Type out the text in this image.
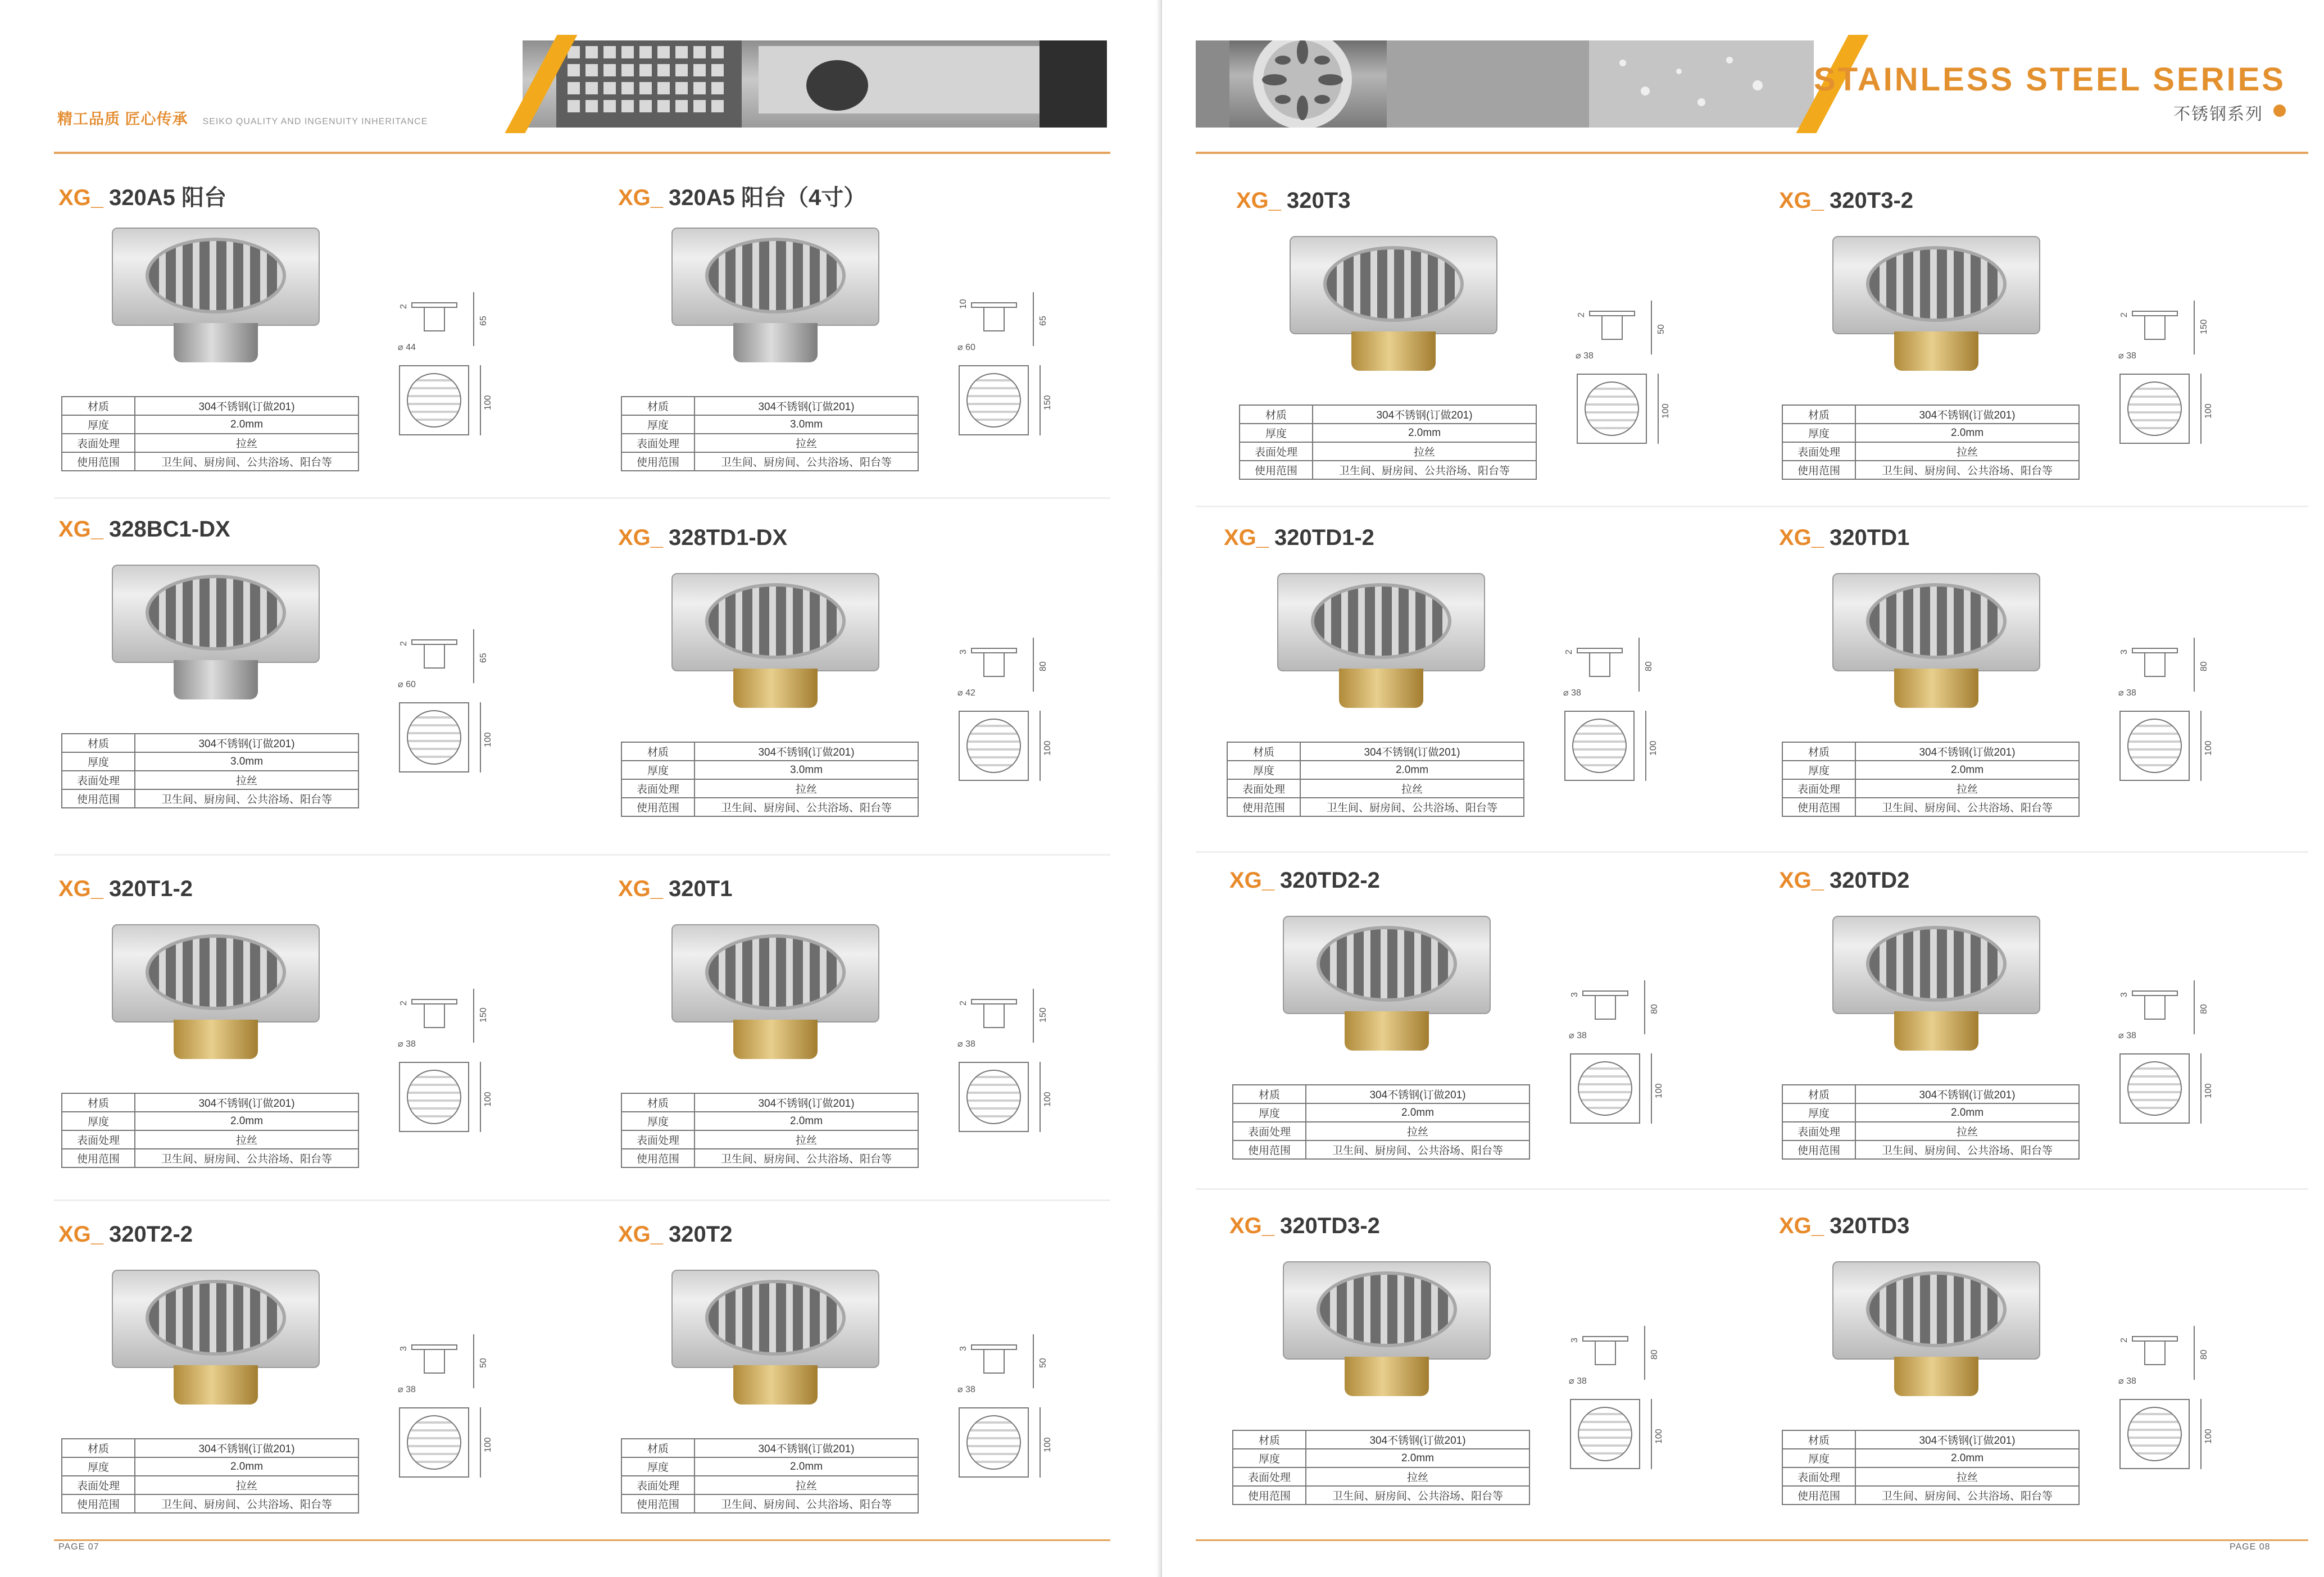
精工品质 匠心传承 SEIKO QUALITY AND INGENUITY INHERITANCE
PAGE 07
STAINLESS STEEL SERIES
不锈钢系列
PAGE 08
XG_ 320A5 阳台
65
2
⌀ 44
100
材质	304不锈钢(订做201)
厚度	2.0mm
表面处理	拉丝
使用范围	卫生间、厨房间、公共浴场、阳台等
XG_ 320A5 阳台（4寸）
65
10
⌀ 60
150
材质	304不锈钢(订做201)
厚度	3.0mm
表面处理	拉丝
使用范围	卫生间、厨房间、公共浴场、阳台等
XG_ 328BC1-DX
65
2
⌀ 60
100
材质	304不锈钢(订做201)
厚度	3.0mm
表面处理	拉丝
使用范围	卫生间、厨房间、公共浴场、阳台等
XG_ 328TD1-DX
80
3
⌀ 42
100
材质	304不锈钢(订做201)
厚度	3.0mm
表面处理	拉丝
使用范围	卫生间、厨房间、公共浴场、阳台等
XG_ 320T1-2
150
2
⌀ 38
100
材质	304不锈钢(订做201)
厚度	2.0mm
表面处理	拉丝
使用范围	卫生间、厨房间、公共浴场、阳台等
XG_ 320T1
150
2
⌀ 38
100
材质	304不锈钢(订做201)
厚度	2.0mm
表面处理	拉丝
使用范围	卫生间、厨房间、公共浴场、阳台等
XG_ 320T2-2
50
3
⌀ 38
100
材质	304不锈钢(订做201)
厚度	2.0mm
表面处理	拉丝
使用范围	卫生间、厨房间、公共浴场、阳台等
XG_ 320T2
50
3
⌀ 38
100
材质	304不锈钢(订做201)
厚度	2.0mm
表面处理	拉丝
使用范围	卫生间、厨房间、公共浴场、阳台等
XG_ 320T3
50
2
⌀ 38
100
材质	304不锈钢(订做201)
厚度	2.0mm
表面处理	拉丝
使用范围	卫生间、厨房间、公共浴场、阳台等
XG_ 320T3-2
150
2
⌀ 38
100
材质	304不锈钢(订做201)
厚度	2.0mm
表面处理	拉丝
使用范围	卫生间、厨房间、公共浴场、阳台等
XG_ 320TD1-2
80
2
⌀ 38
100
材质	304不锈钢(订做201)
厚度	2.0mm
表面处理	拉丝
使用范围	卫生间、厨房间、公共浴场、阳台等
XG_ 320TD1
80
3
⌀ 38
100
材质	304不锈钢(订做201)
厚度	2.0mm
表面处理	拉丝
使用范围	卫生间、厨房间、公共浴场、阳台等
XG_ 320TD2-2
80
3
⌀ 38
100
材质	304不锈钢(订做201)
厚度	2.0mm
表面处理	拉丝
使用范围	卫生间、厨房间、公共浴场、阳台等
XG_ 320TD2
80
3
⌀ 38
100
材质	304不锈钢(订做201)
厚度	2.0mm
表面处理	拉丝
使用范围	卫生间、厨房间、公共浴场、阳台等
XG_ 320TD3-2
80
3
⌀ 38
100
材质	304不锈钢(订做201)
厚度	2.0mm
表面处理	拉丝
使用范围	卫生间、厨房间、公共浴场、阳台等
XG_ 320TD3
80
2
⌀ 38
100
材质	304不锈钢(订做201)
厚度	2.0mm
表面处理	拉丝
使用范围	卫生间、厨房间、公共浴场、阳台等
